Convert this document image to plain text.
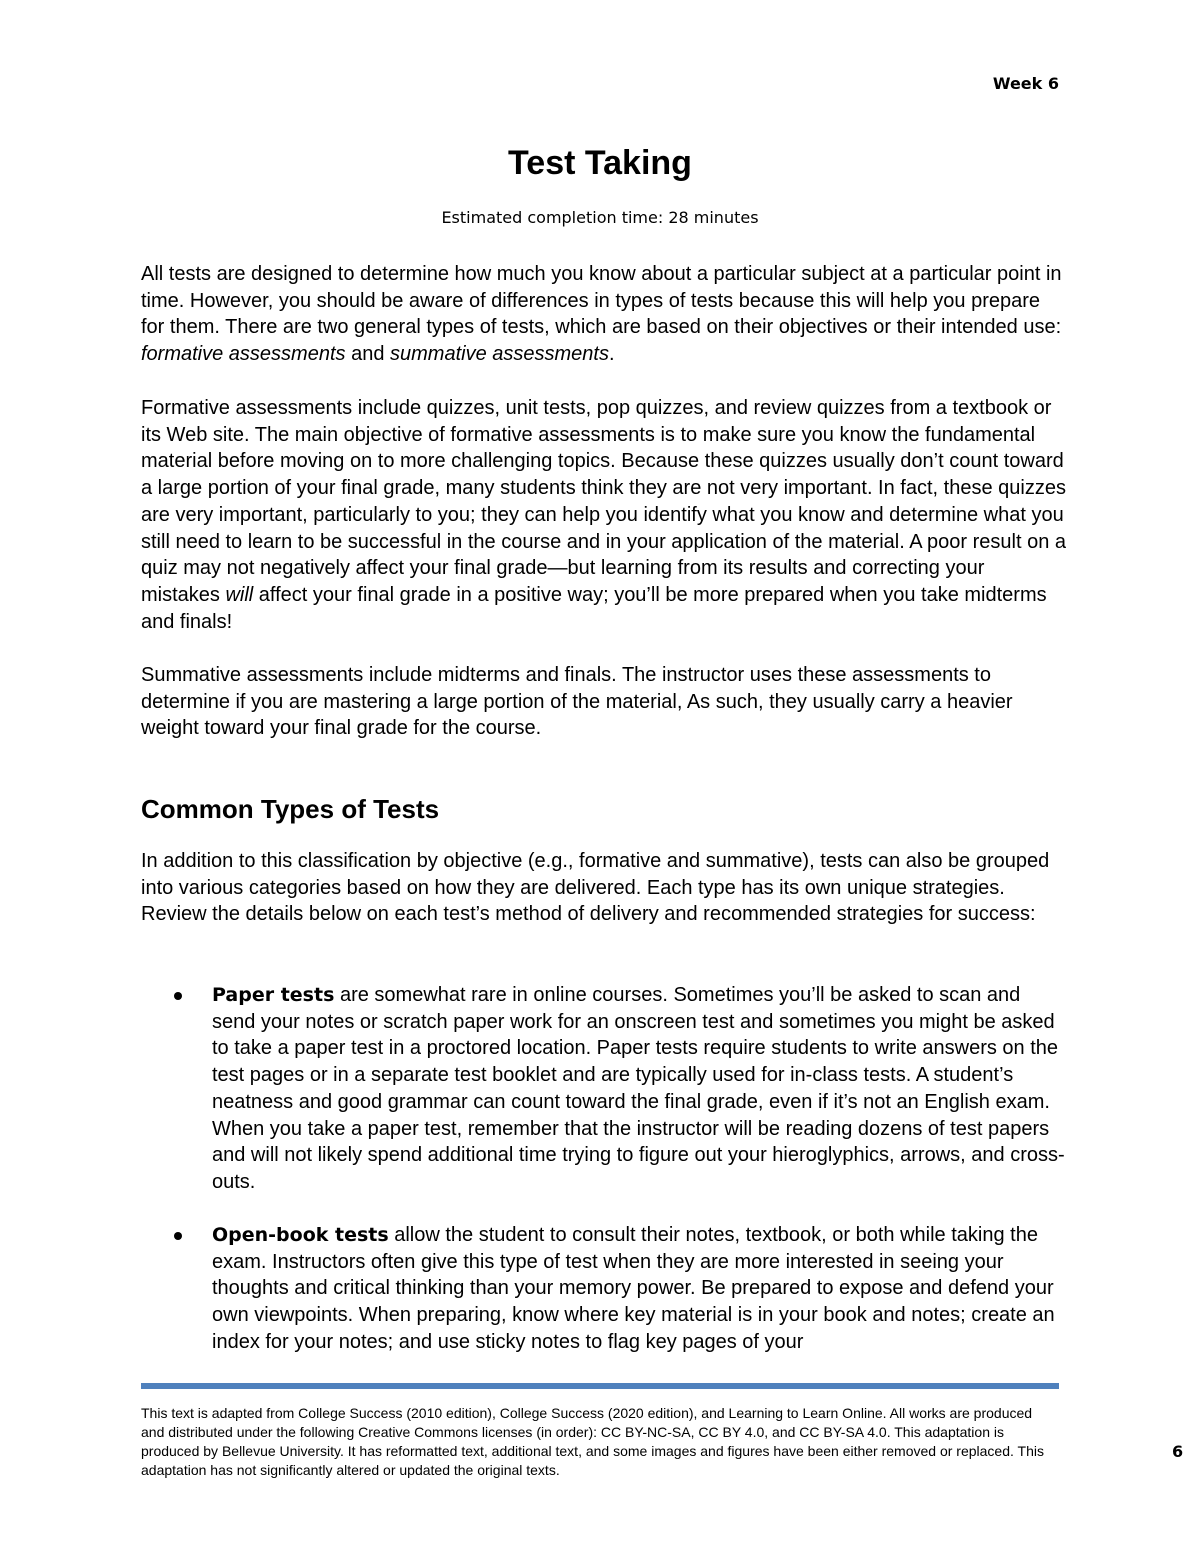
Week 6

Test Taking

Estimated completion time: 28 minutes

All tests are designed to determine how much you know about a particular subject at a particular point in time. However, you should be aware of differences in types of tests because this will help you prepare for them. There are two general types of tests, which are based on their objectives or their intended use: formative assessments and summative assessments.

Formative assessments include quizzes, unit tests, pop quizzes, and review quizzes from a textbook or its Web site. The main objective of formative assessments is to make sure you know the fundamental material before moving on to more challenging topics. Because these quizzes usually don’t count toward a large portion of your final grade, many students think they are not very important. In fact, these quizzes are very important, particularly to you; they can help you identify what you know and determine what you still need to learn to be successful in the course and in your application of the material. A poor result on a quiz may not negatively affect your final grade—but learning from its results and correcting your mistakes will affect your final grade in a positive way; you’ll be more prepared when you take midterms and finals!

Summative assessments include midterms and finals. The instructor uses these assessments to determine if you are mastering a large portion of the material, As such, they usually carry a heavier weight toward your final grade for the course.

Common Types of Tests

In addition to this classification by objective (e.g., formative and summative), tests can also be grouped into various categories based on how they are delivered. Each type has its own unique strategies. Review the details below on each test’s method of delivery and recommended strategies for success:

Paper tests are somewhat rare in online courses. Sometimes you’ll be asked to scan and send your notes or scratch paper work for an onscreen test and sometimes you might be asked to take a paper test in a proctored location. Paper tests require students to write answers on the test pages or in a separate test booklet and are typically used for in-class tests. A student’s neatness and good grammar can count toward the final grade, even if it’s not an English exam. When you take a paper test, remember that the instructor will be reading dozens of test papers and will not likely spend additional time trying to figure out your hieroglyphics, arrows, and cross-outs.

Open-book tests allow the student to consult their notes, textbook, or both while taking the exam. Instructors often give this type of test when they are more interested in seeing your thoughts and critical thinking than your memory power. Be prepared to expose and defend your own viewpoints. When preparing, know where key material is in your book and notes; create an index for your notes; and use sticky notes to flag key pages of your

This text is adapted from College Success (2010 edition), College Success (2020 edition), and Learning to Learn Online. All works are produced and distributed under the following Creative Commons licenses (in order): CC BY-NC-SA, CC BY 4.0, and CC BY-SA 4.0. This adaptation is produced by Bellevue University. It has reformatted text, additional text, and some images and figures have been either removed or replaced. This adaptation has not significantly altered or updated the original texts.

6
